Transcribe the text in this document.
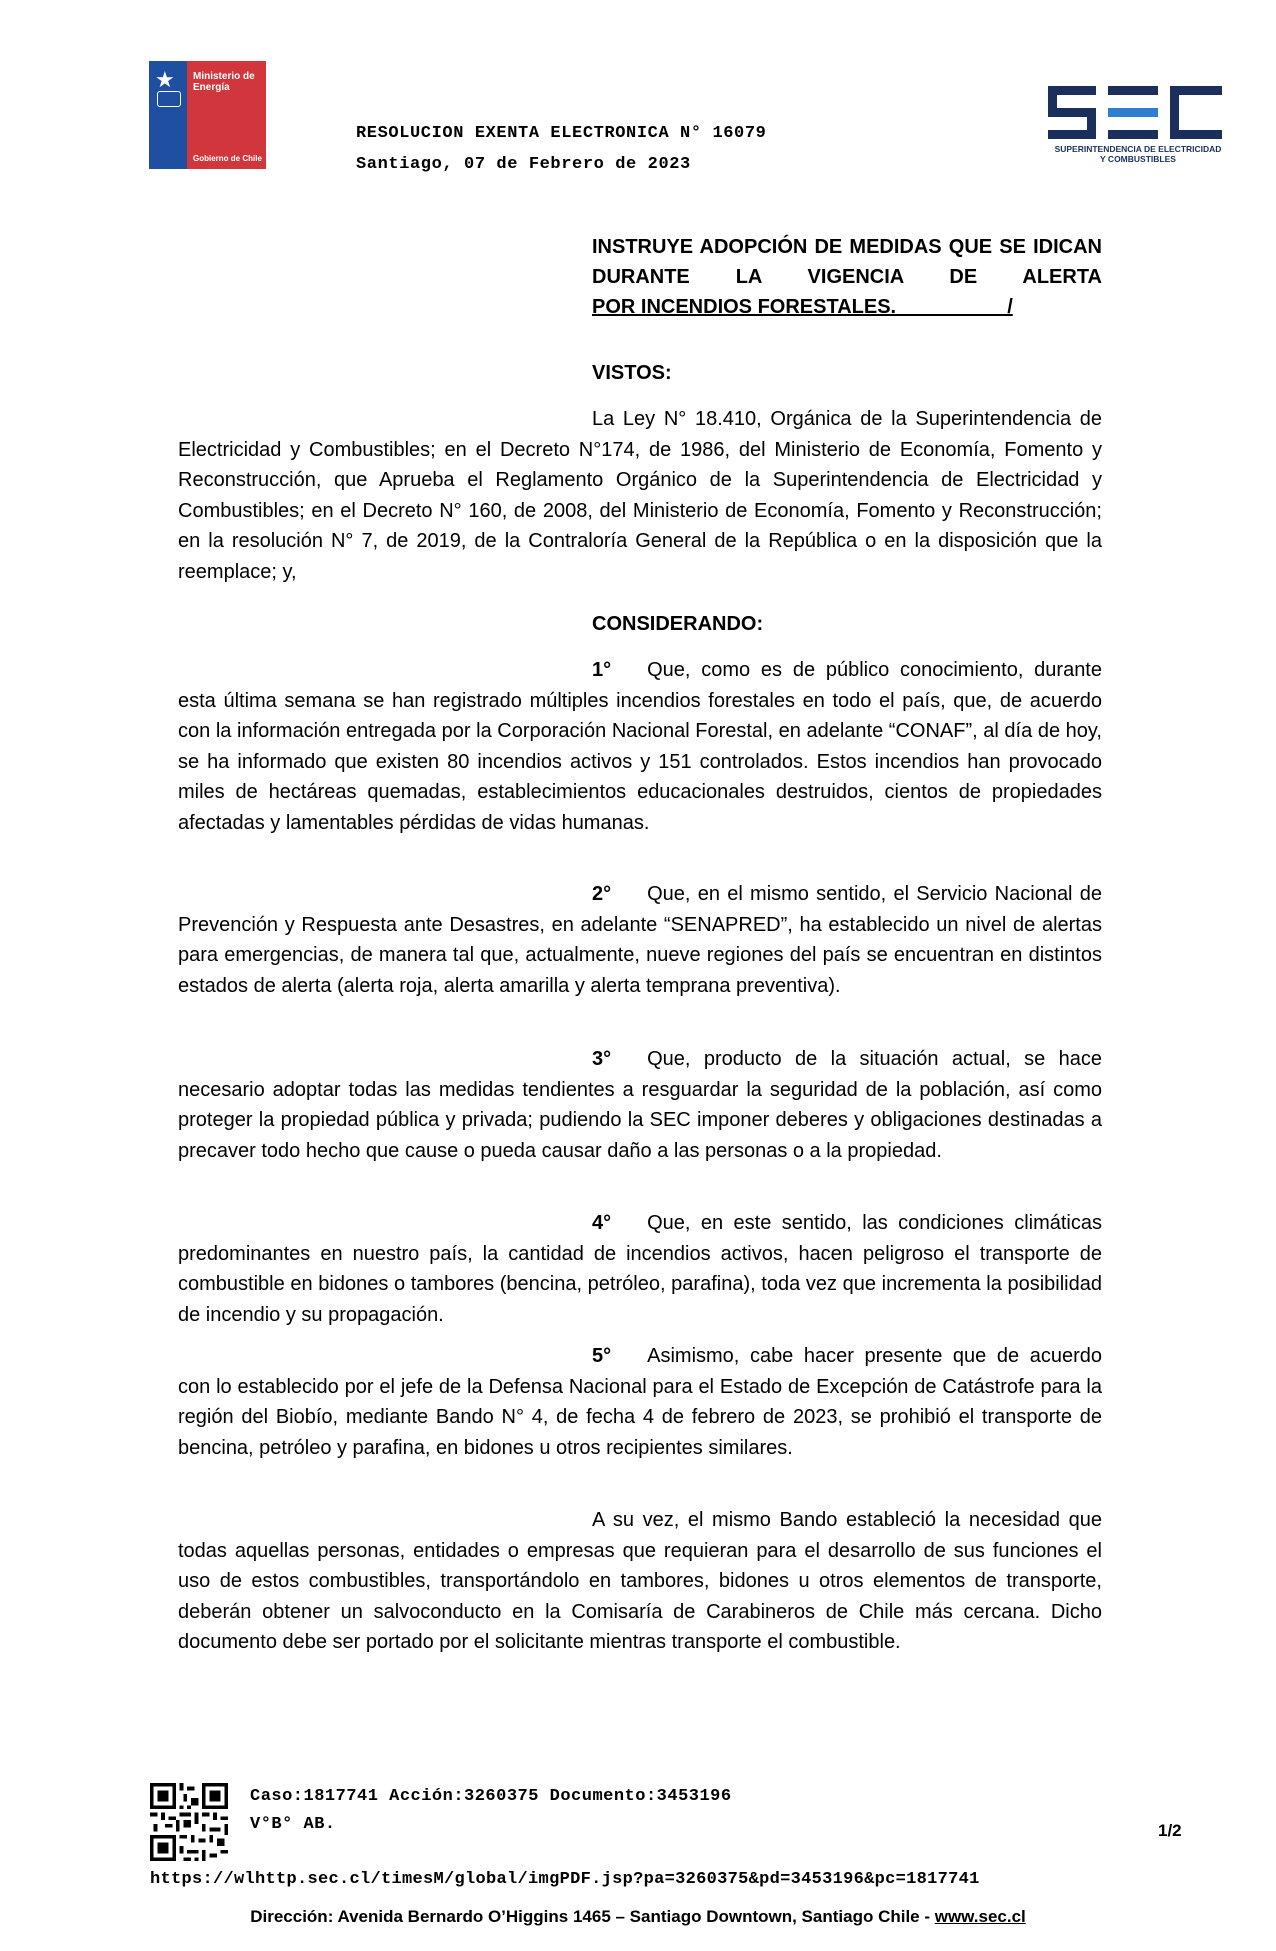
★ Ministerio de
Energía
Gobierno de Chile
SUPERINTENDENCIA DE ELECTRICIDAD
Y COMBUSTIBLES
RESOLUCION EXENTA ELECTRONICA N° 16079
Santiago, 07 de Febrero de 2023
INSTRUYE ADOPCIÓN DE MEDIDAS QUE SE IDICAN DURANTE LA VIGENCIA DE ALERTA POR INCENDIOS FORESTALES.                    /
VISTOS:
La Ley N° 18.410, Orgánica de la Superintendencia de Electricidad y Combustibles; en el Decreto N°174, de 1986, del Ministerio de Economía, Fomento y Reconstrucción, que Aprueba el Reglamento Orgánico de la Superintendencia de Electricidad y Combustibles; en el Decreto N° 160, de 2008, del Ministerio de Economía, Fomento y Reconstrucción; en la resolución N° 7, de 2019, de la Contraloría General de la República o en la disposición que la reemplace; y,
CONSIDERANDO:
1° Que, como es de público conocimiento, durante esta última semana se han registrado múltiples incendios forestales en todo el país, que, de acuerdo con la información entregada por la Corporación Nacional Forestal, en adelante “CONAF”, al día de hoy, se ha informado que existen 80 incendios activos y 151 controlados. Estos incendios han provocado miles de hectáreas quemadas, establecimientos educacionales destruidos, cientos de propiedades afectadas y lamentables pérdidas de vidas humanas.
2° Que, en el mismo sentido, el Servicio Nacional de Prevención y Respuesta ante Desastres, en adelante “SENAPRED”, ha establecido un nivel de alertas para emergencias, de manera tal que, actualmente, nueve regiones del país se encuentran en distintos estados de alerta (alerta roja, alerta amarilla y alerta temprana preventiva).
3° Que, producto de la situación actual, se hace necesario adoptar todas las medidas tendientes a resguardar la seguridad de la población, así como proteger la propiedad pública y privada; pudiendo la SEC imponer deberes y obligaciones destinadas a precaver todo hecho que cause o pueda causar daño a las personas o a la propiedad.
4° Que, en este sentido, las condiciones climáticas predominantes en nuestro país, la cantidad de incendios activos, hacen peligroso el transporte de combustible en bidones o tambores (bencina, petróleo, parafina), toda vez que incrementa la posibilidad de incendio y su propagación.
5° Asimismo, cabe hacer presente que de acuerdo con lo establecido por el jefe de la Defensa Nacional para el Estado de Excepción de Catástrofe para la región del Biobío, mediante Bando N° 4, de fecha 4 de febrero de 2023, se prohibió el transporte de bencina, petróleo y parafina, en bidones u otros recipientes similares.
A su vez, el mismo Bando estableció la necesidad que todas aquellas personas, entidades o empresas que requieran para el desarrollo de sus funciones el uso de estos combustibles, transportándolo en tambores, bidones u otros elementos de transporte, deberán obtener un salvoconducto en la Comisaría de Carabineros de Chile más cercana. Dicho documento debe ser portado por el solicitante mientras transporte el combustible.
Caso:1817741 Acción:3260375 Documento:3453196
V°B° AB.	1/2
https://wlhttp.sec.cl/timesM/global/imgPDF.jsp?pa=3260375&pd=3453196&pc=1817741
Dirección: Avenida Bernardo O’Higgins 1465 – Santiago Downtown, Santiago Chile - www.sec.cl
